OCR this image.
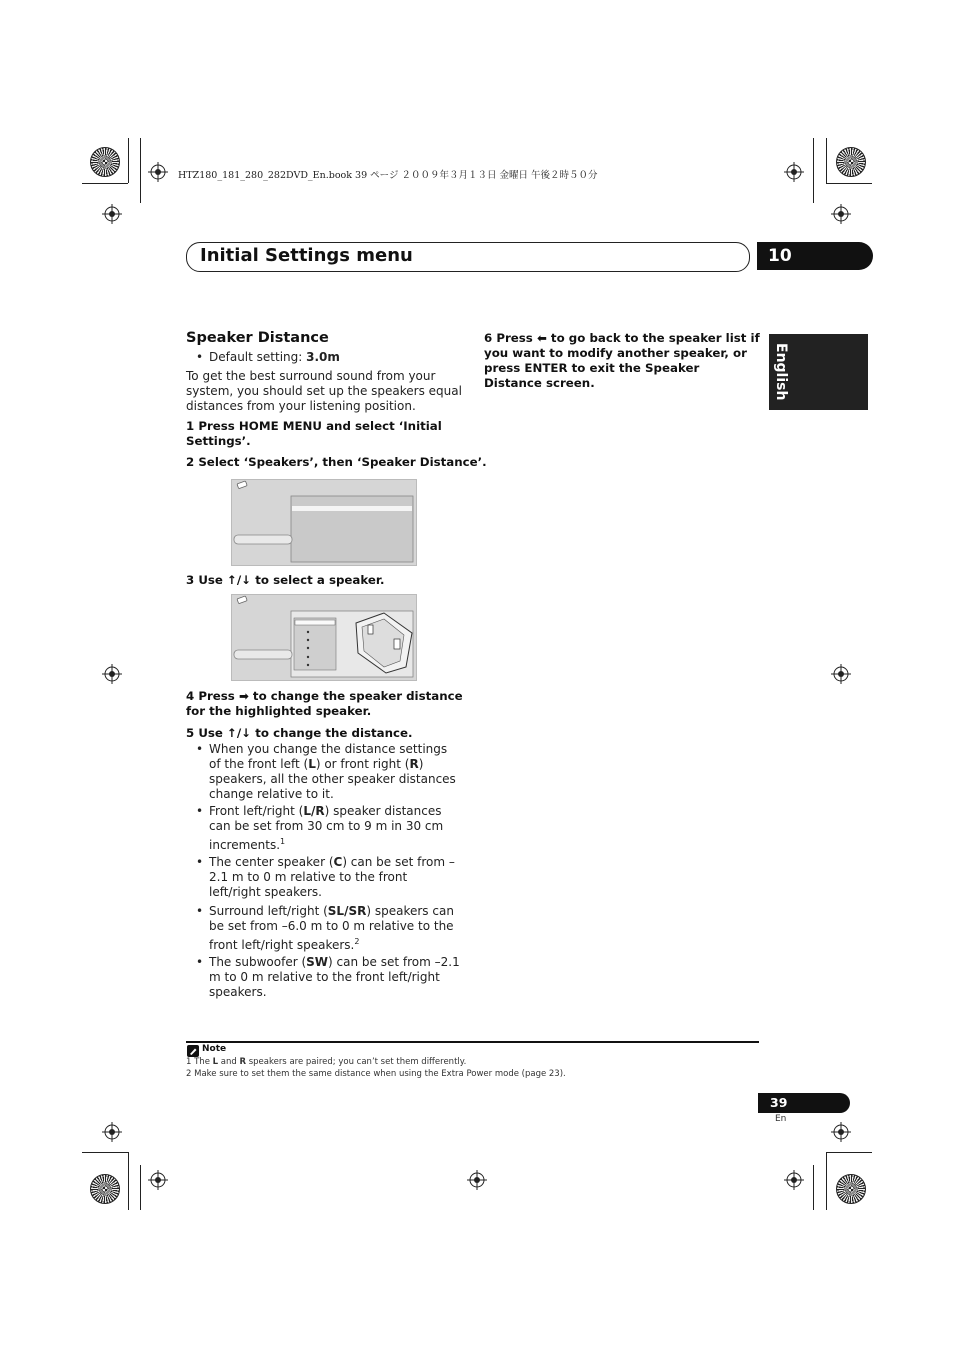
HTZ180_181_280_282DVD_En.book 39 ページ ２００９年３月１３日 金曜日 午後２時５０分
Initial Settings menu	10
English
Speaker Distance
• Default setting: 3.0m
To get the best surround sound from your system, you should set up the speakers equal distances from your listening position.
1 Press HOME MENU and select ‘Initial Settings’.
2 Select ‘Speakers’, then ‘Speaker Distance’.
3 Use ↑/↓ to select a speaker.
4 Press ➡ to change the speaker distance for the highlighted speaker.
5 Use ↑/↓ to change the distance.
• When you change the distance settings of the front left (L) or front right (R) speakers, all the other speaker distances change relative to it.
• Front left/right (L/R) speaker distances can be set from 30 cm to 9 m in 30 cm increments.$^1$
• The center speaker (C) can be set from –2.1 m to 0 m relative to the front left/right speakers.
• Surround left/right (SL/SR) speakers can be set from –6.0 m to 0 m relative to the front left/right speakers.$^2$
• The subwoofer (SW) can be set from –2.1 m to 0 m relative to the front left/right speakers.
6 Press ⬅ to go back to the speaker list if you want to modify another speaker, or press ENTER to exit the Speaker Distance screen.
Note
1 The L and R speakers are paired; you can’t set them differently.
2 Make sure to set them the same distance when using the Extra Power mode (page 23).
39
En
